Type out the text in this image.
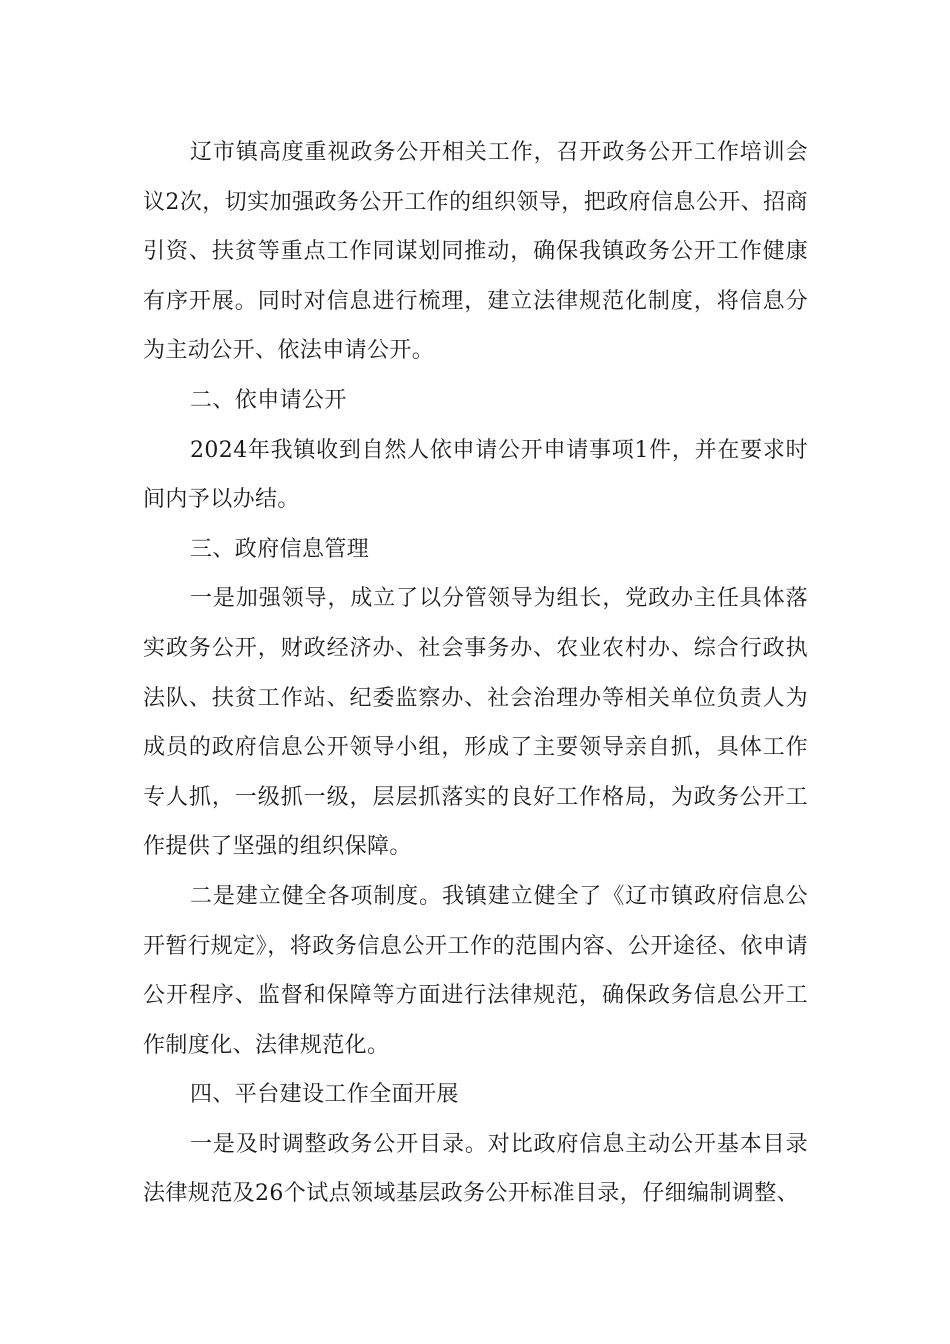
辽市镇高度重视政务公开相关工作，召开政务公开工作培训会议2次，切实加强政务公开工作的组织领导，把政府信息公开、招商引资、扶贫等重点工作同谋划同推动，确保我镇政务公开工作健康有序开展。同时对信息进行梳理，建立法律规范化制度，将信息分为主动公开、依法申请公开。

二、依申请公开

2024年我镇收到自然人依申请公开申请事项1件，并在要求时间内予以办结。

三、政府信息管理

一是加强领导，成立了以分管领导为组长，党政办主任具体落实政务公开，财政经济办、社会事务办、农业农村办、综合行政执法队、扶贫工作站、纪委监察办、社会治理办等相关单位负责人为成员的政府信息公开领导小组，形成了主要领导亲自抓，具体工作专人抓，一级抓一级，层层抓落实的良好工作格局，为政务公开工作提供了坚强的组织保障。

二是建立健全各项制度。我镇建立健全了《辽市镇政府信息公开暂行规定》，将政务信息公开工作的范围内容、公开途径、依申请公开程序、监督和保障等方面进行法律规范，确保政务信息公开工作制度化、法律规范化。

四、平台建设工作全面开展

一是及时调整政务公开目录。对比政府信息主动公开基本目录法律规范及26个试点领域基层政务公开标准目录，仔细编制调整、
